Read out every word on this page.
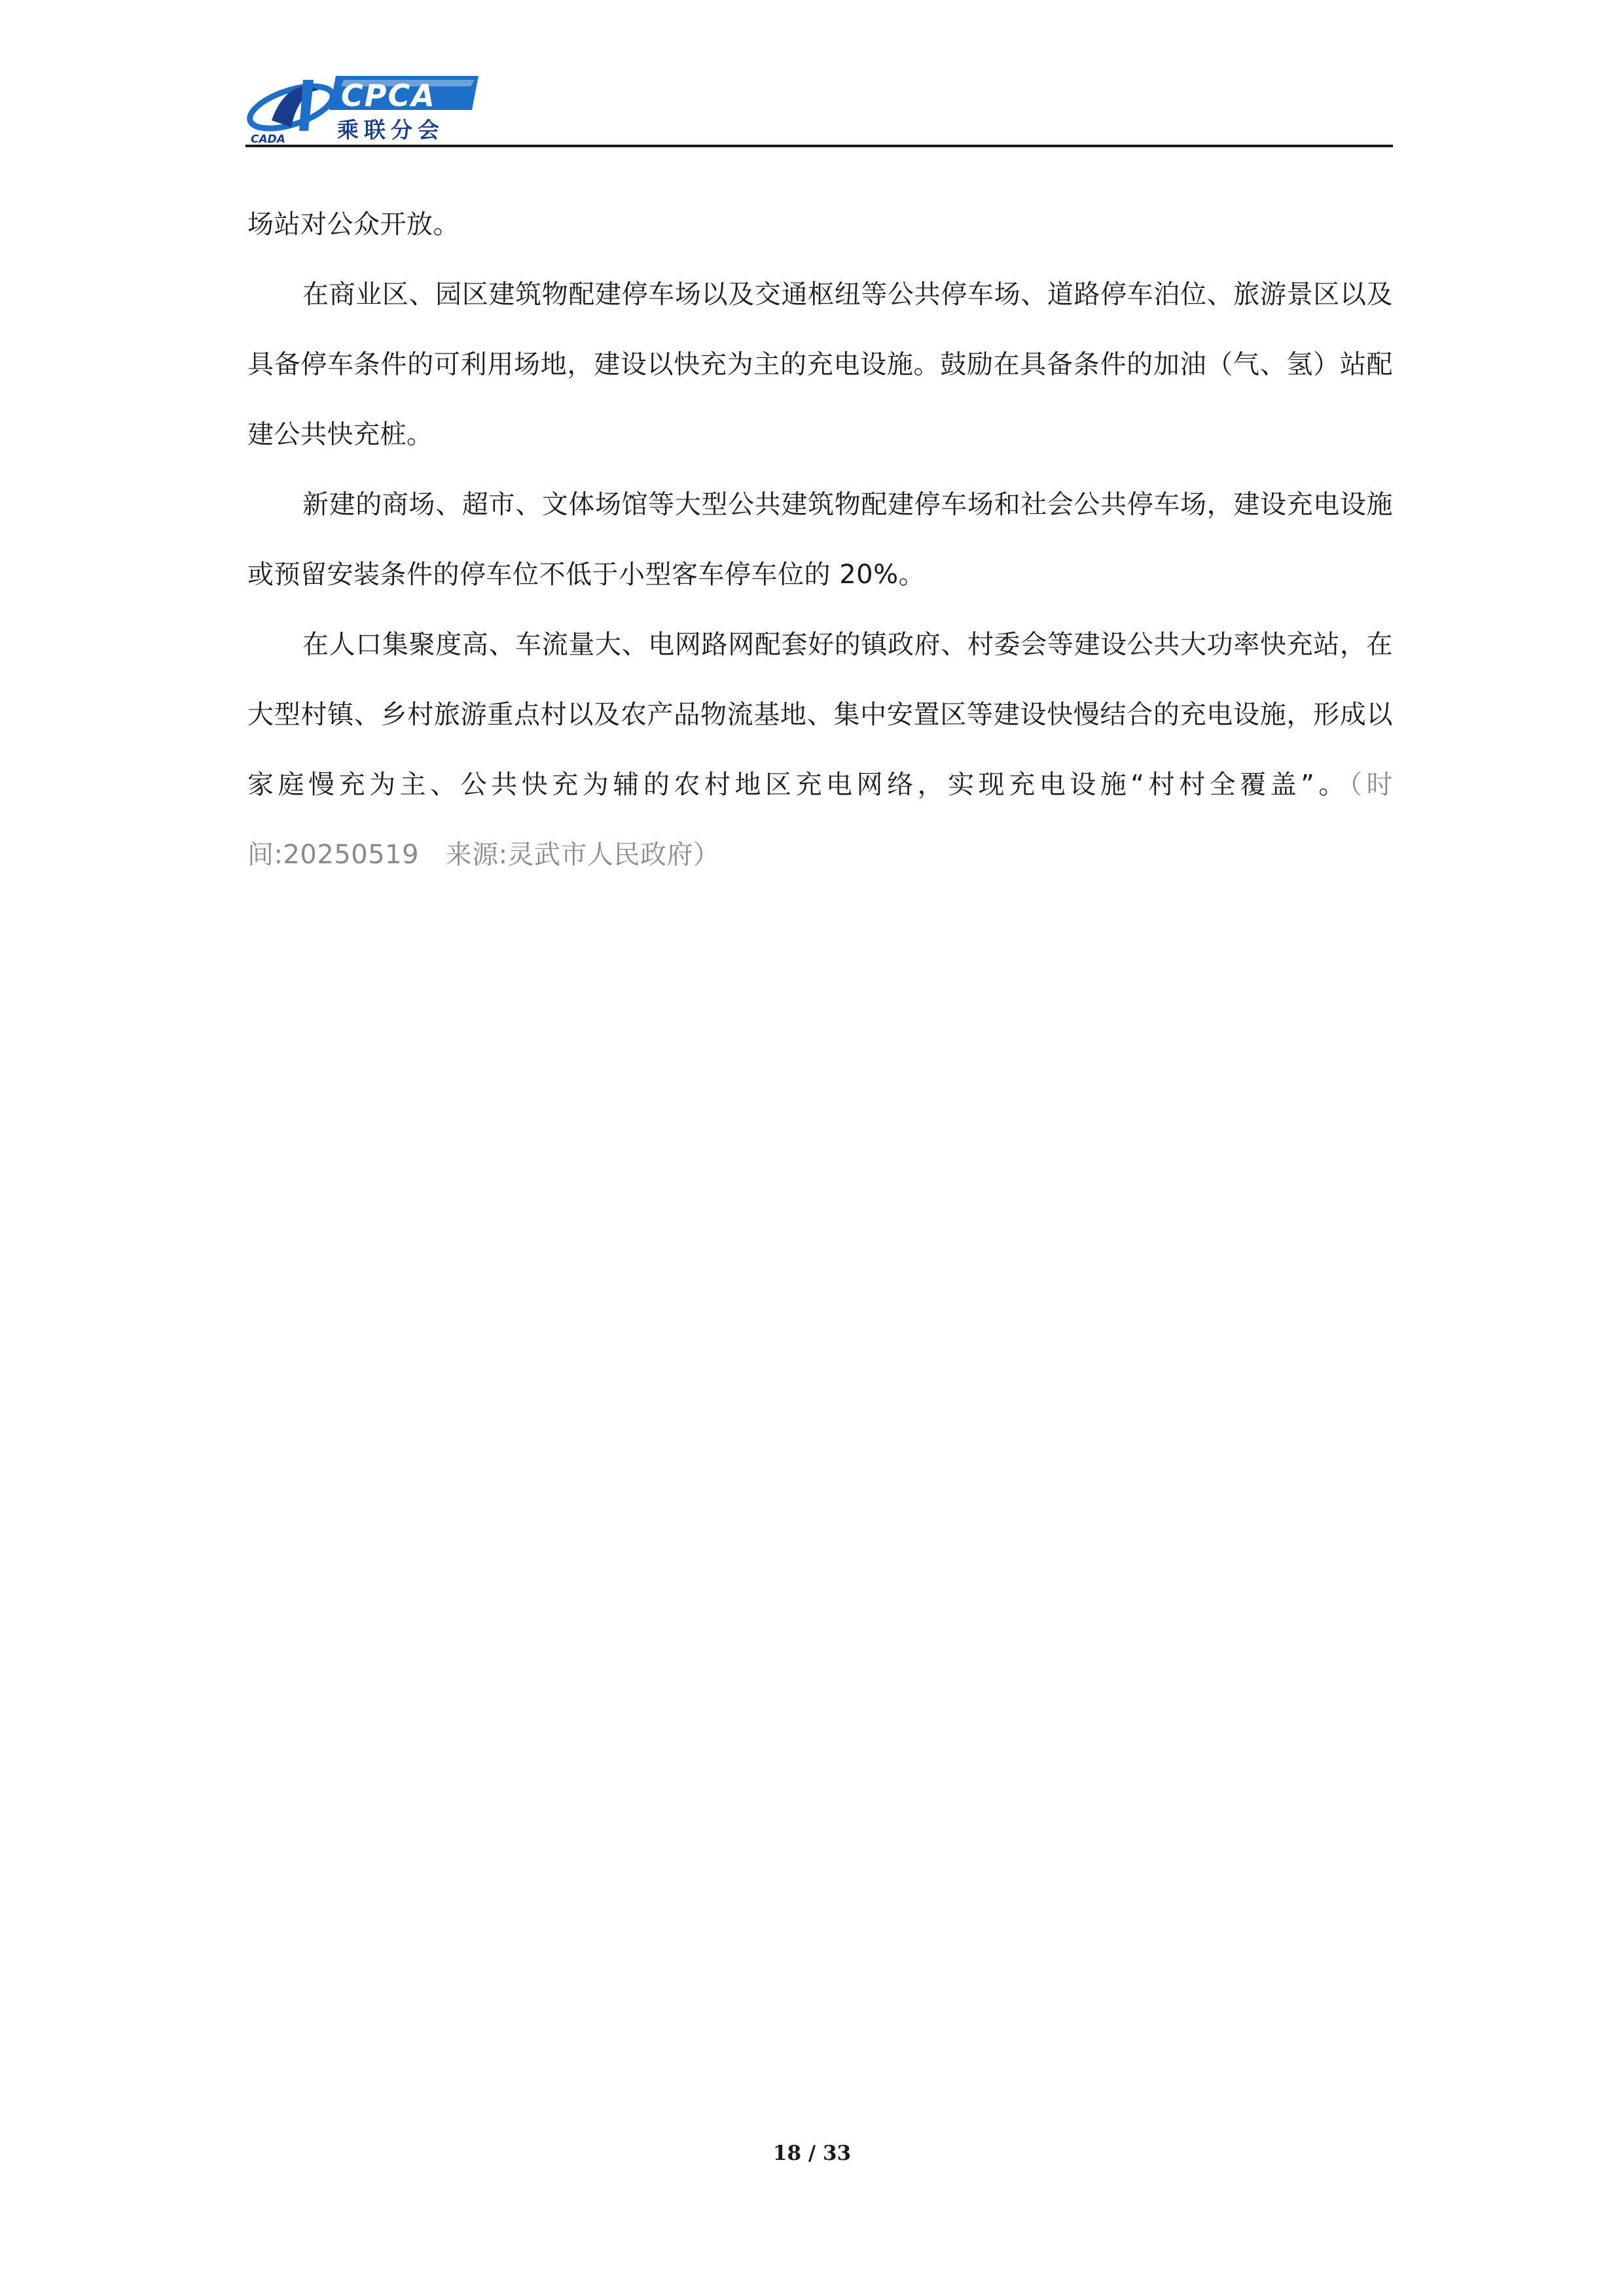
CADA
CPCA
乘联分会

场站对公众开放。

在商业区、园区建筑物配建停车场以及交通枢纽等公共停车场、道路停车泊位、旅游景区以及具备停车条件的可利用场地，建设以快充为主的充电设施。鼓励在具备条件的加油（气、氢）站配建公共快充桩。

新建的商场、超市、文体场馆等大型公共建筑物配建停车场和社会公共停车场，建设充电设施或预留安装条件的停车位不低于小型客车停车位的 20%。

在人口集聚度高、车流量大、电网路网配套好的镇政府、村委会等建设公共大功率快充站，在大型村镇、乡村旅游重点村以及农产品物流基地、集中安置区等建设快慢结合的充电设施，形成以家庭慢充为主、公共快充为辅的农村地区充电网络，实现充电设施“村村全覆盖”。（时间:20250519　来源:灵武市人民政府）

18 / 33
